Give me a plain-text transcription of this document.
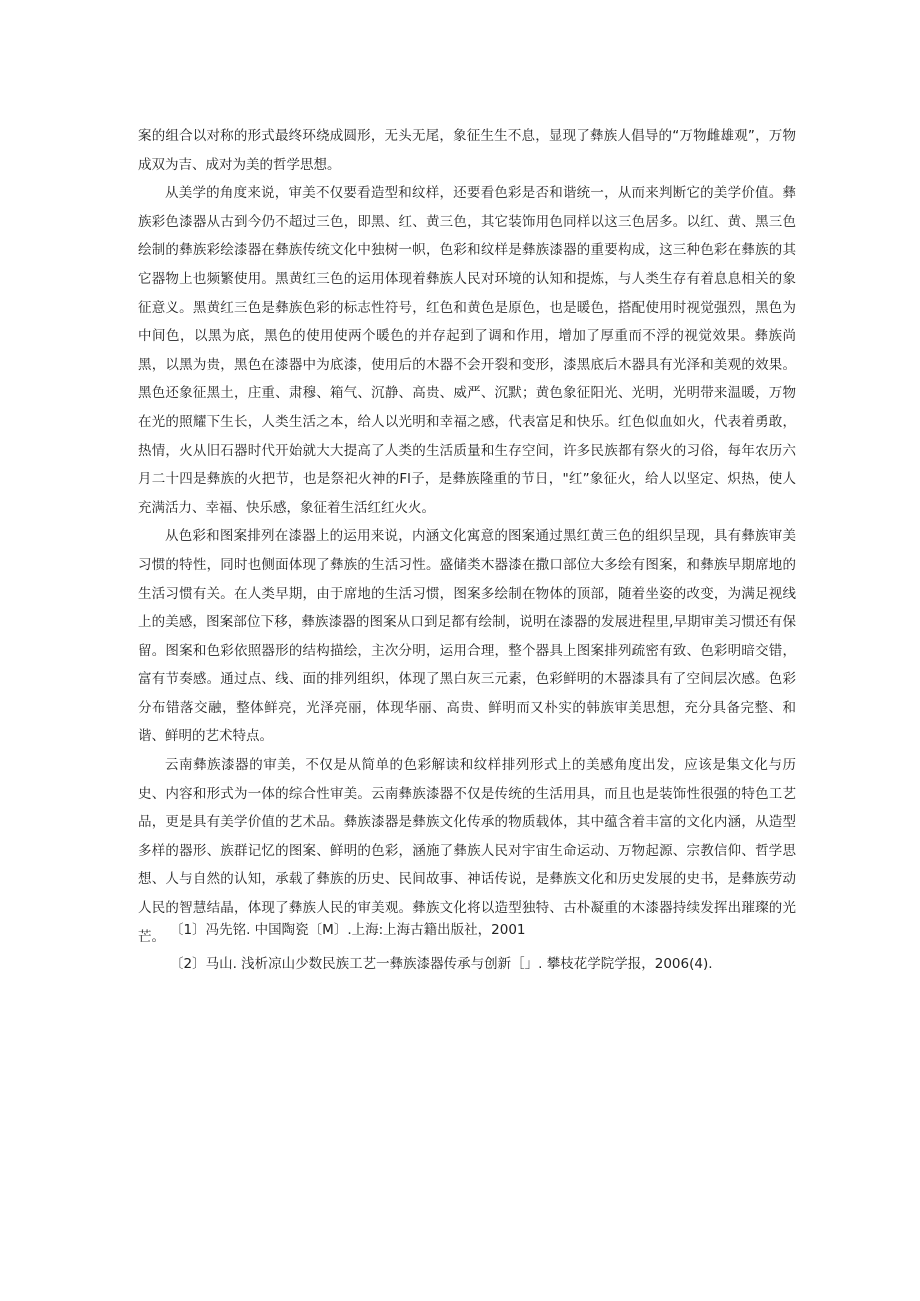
案的组合以对称的形式最终环绕成圆形，无头无尾，象征生生不息，显现了彝族人倡导的“万物雌雄观”，万物成双为吉、成对为美的哲学思想。

从美学的角度来说，审美不仅要看造型和纹样，还要看色彩是否和谐统一，从而来判断它的美学价值。彝族彩色漆器从古到今仍不超过三色，即黑、红、黄三色，其它装饰用色同样以这三色居多。以红、黄、黑三色绘制的彝族彩绘漆器在彝族传统文化中独树一帜，色彩和纹样是彝族漆器的重要构成，这三种色彩在彝族的其它器物上也频繁使用。黑黄红三色的运用体现着彝族人民对环境的认知和提炼，与人类生存有着息息相关的象征意义。黑黄红三色是彝族色彩的标志性符号，红色和黄色是原色，也是暖色，搭配使用时视觉强烈，黑色为中间色，以黑为底，黑色的使用使两个暖色的并存起到了调和作用，增加了厚重而不浮的视觉效果。彝族尚黑，以黑为贵，黑色在漆器中为底漆，使用后的木器不会开裂和变形，漆黑底后木器具有光泽和美观的效果。黑色还象征黑土，庄重、肃穆、箱气、沉静、高贵、威严、沉默；黄色象征阳光、光明，光明带来温暖，万物在光的照耀下生长，人类生活之本，给人以光明和幸福之感，代表富足和快乐。红色似血如火，代表着勇敢，热情，火从旧石器时代开始就大大提高了人类的生活质量和生存空间，许多民族都有祭火的习俗，每年农历六月二十四是彝族的火把节，也是祭祀火神的Fl子，是彝族隆重的节日，"红”象征火，给人以坚定、炽热，使人充满活力、幸福、快乐感，象征着生活红红火火。

从色彩和图案排列在漆器上的运用来说，内涵文化寓意的图案通过黑红黄三色的组织呈现，具有彝族审美习惯的特性，同时也侧面体现了彝族的生活习性。盛储类木器漆在撒口部位大多绘有图案，和彝族早期席地的生活习惯有关。在人类早期，由于席地的生活习惯，图案多绘制在物体的顶部，随着坐姿的改变，为满足视线上的美感，图案部位下移，彝族漆器的图案从口到足都有绘制，说明在漆器的发展进程里,早期审美习惯还有保留。图案和色彩依照器形的结构描绘，主次分明，运用合理，整个器具上图案排列疏密有致、色彩明暗交错，富有节奏感。通过点、线、面的排列组织，体现了黑白灰三元素，色彩鲜明的木器漆具有了空间层次感。色彩分布错落交融，整体鲜亮，光泽亮丽，体现华丽、高贵、鲜明而又朴实的韩族审美思想，充分具备完整、和谐、鲜明的艺术特点。

云南彝族漆器的审美，不仅是从简单的色彩解读和纹样排列形式上的美感角度出发，应该是集文化与历史、内容和形式为一体的综合性审美。云南彝族漆器不仅是传统的生活用具，而且也是装饰性很强的特色工艺品，更是具有美学价值的艺术品。彝族漆器是彝族文化传承的物质载体，其中蕴含着丰富的文化内涵，从造型多样的器形、族群记忆的图案、鲜明的色彩，涵施了彝族人民对宇宙生命运动、万物起源、宗教信仰、哲学思想、人与自然的认知，承载了彝族的历史、民间故事、神话传说，是彝族文化和历史发展的史书，是彝族劳动人民的智慧结晶，体现了彝族人民的审美观。彝族文化将以造型独特、古朴凝重的木漆器持续发挥出璀璨的光芒。 〔1〕冯先铭. 中国陶瓷〔M〕.上海:上海古籍出版社，2001

〔2〕马山. 浅析凉山少数民族工艺一彝族漆器传承与创新［」. 攀枝花学院学报，2006(4).
